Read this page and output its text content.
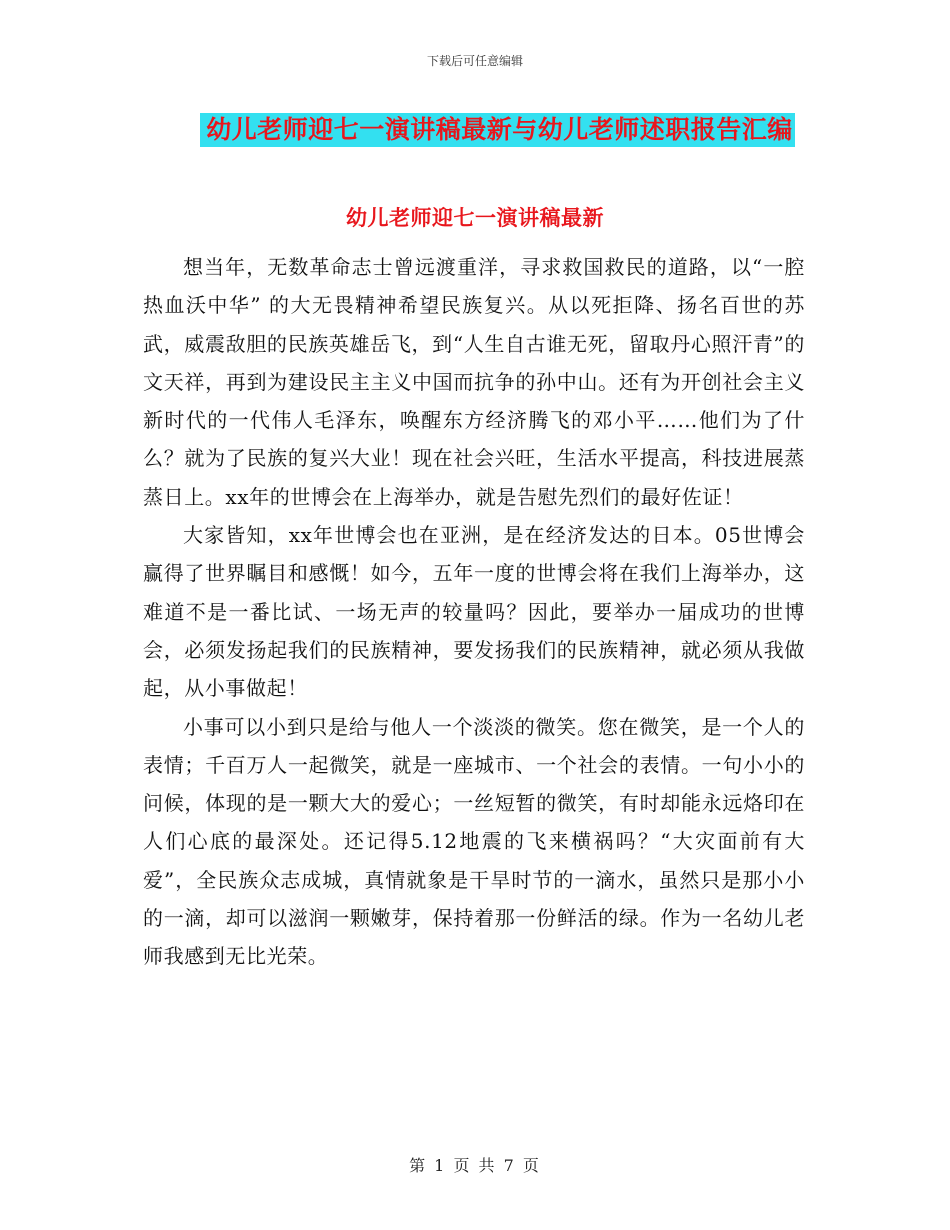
下载后可任意编辑
幼儿老师迎七一演讲稿最新与幼儿老师述职报告汇编
幼儿老师迎七一演讲稿最新

想当年，无数革命志士曾远渡重洋，寻求救国救民的道路，以“一腔热血沃中华” 的大无畏精神希望民族复兴。从以死拒降、扬名百世的苏武，威震敌胆的民族英雄岳飞，到“人生自古谁无死，留取丹心照汗青”的文天祥，再到为建设民主主义中国而抗争的孙中山。还有为开创社会主义新时代的一代伟人毛泽东，唤醒东方经济腾飞的邓小平……他们为了什么？就为了民族的复兴大业！现在社会兴旺，生活水平提高，科技进展蒸蒸日上。xx年的世博会在上海举办，就是告慰先烈们的最好佐证！

大家皆知，xx年世博会也在亚洲，是在经济发达的日本。05世博会赢得了世界瞩目和感慨！如今，五年一度的世博会将在我们上海举办，这难道不是一番比试、一场无声的较量吗？因此，要举办一届成功的世博会，必须发扬起我们的民族精神，要发扬我们的民族精神，就必须从我做起，从小事做起！

小事可以小到只是给与他人一个淡淡的微笑。您在微笑，是一个人的表情；千百万人一起微笑，就是一座城市、一个社会的表情。一句小小的问候，体现的是一颗大大的爱心；一丝短暂的微笑，有时却能永远烙印在人们心底的最深处。还记得5.12地震的飞来横祸吗？“大灾面前有大爱”，全民族众志成城，真情就象是干旱时节的一滴水，虽然只是那小小的一滴，却可以滋润一颗嫩芽，保持着那一份鲜活的绿。作为一名幼儿老师我感到无比光荣。

第 1 页 共 7 页
